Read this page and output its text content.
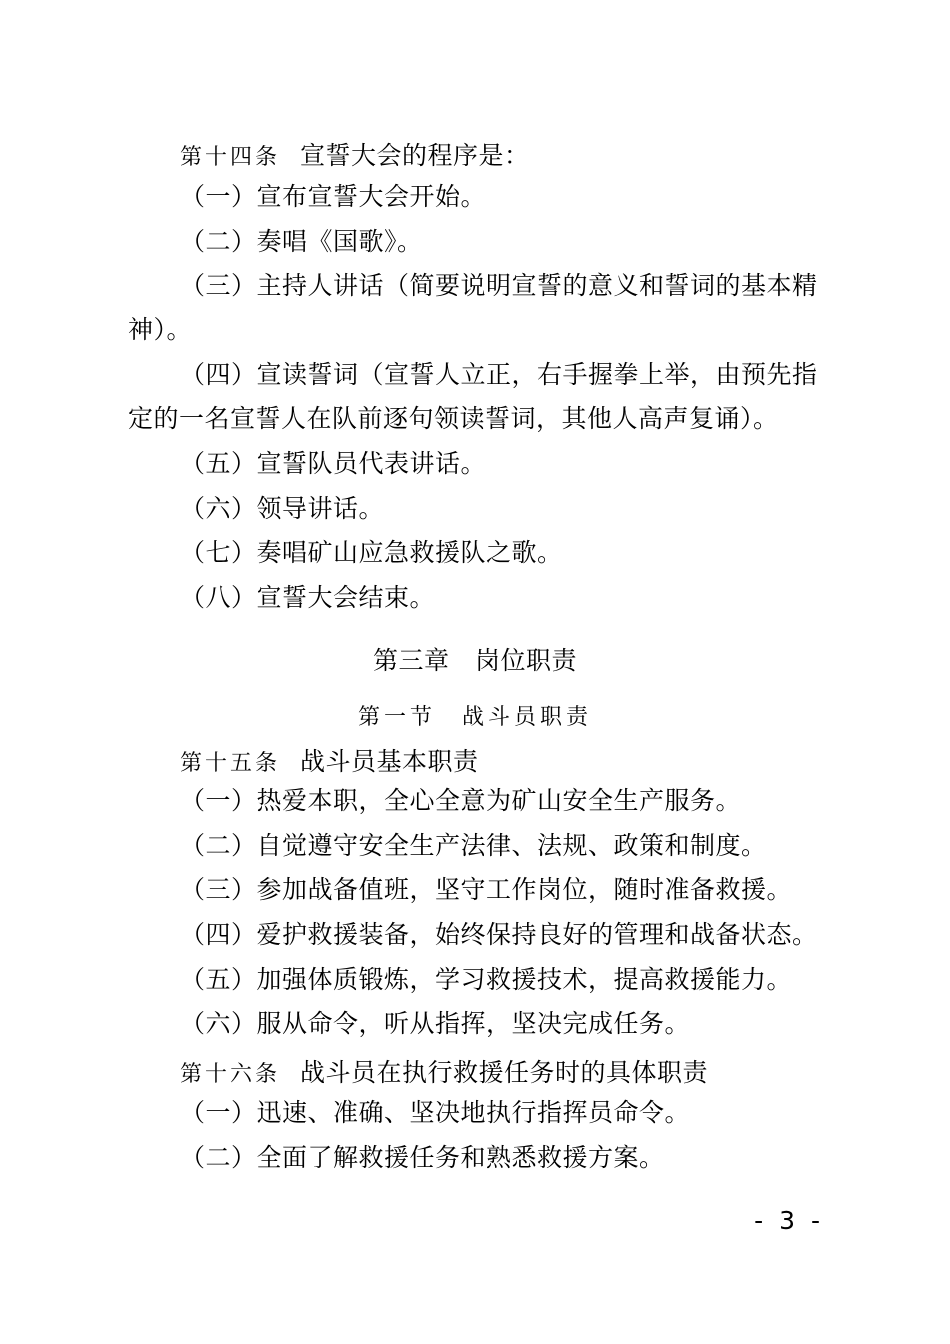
第十四条 宣誓大会的程序是：
（一）宣布宣誓大会开始。
（二）奏唱《国歌》。
（三）主持人讲话（简要说明宣誓的意义和誓词的基本精
神）。
（四）宣读誓词（宣誓人立正，右手握拳上举，由预先指
定的一名宣誓人在队前逐句领读誓词，其他人高声复诵）。
（五）宣誓队员代表讲话。
（六）领导讲话。
（七）奏唱矿山应急救援队之歌。
（八）宣誓大会结束。
第三章　岗位职责
第一节　战斗员职责
第十五条 战斗员基本职责
（一）热爱本职，全心全意为矿山安全生产服务。
（二）自觉遵守安全生产法律、法规、政策和制度。
（三）参加战备值班，坚守工作岗位，随时准备救援。
（四）爱护救援装备，始终保持良好的管理和战备状态。
（五）加强体质锻炼，学习救援技术，提高救援能力。
（六）服从命令，听从指挥，坚决完成任务。
第十六条 战斗员在执行救援任务时的具体职责
（一）迅速、准确、坚决地执行指挥员命令。
（二）全面了解救援任务和熟悉救援方案。
- 3 -
